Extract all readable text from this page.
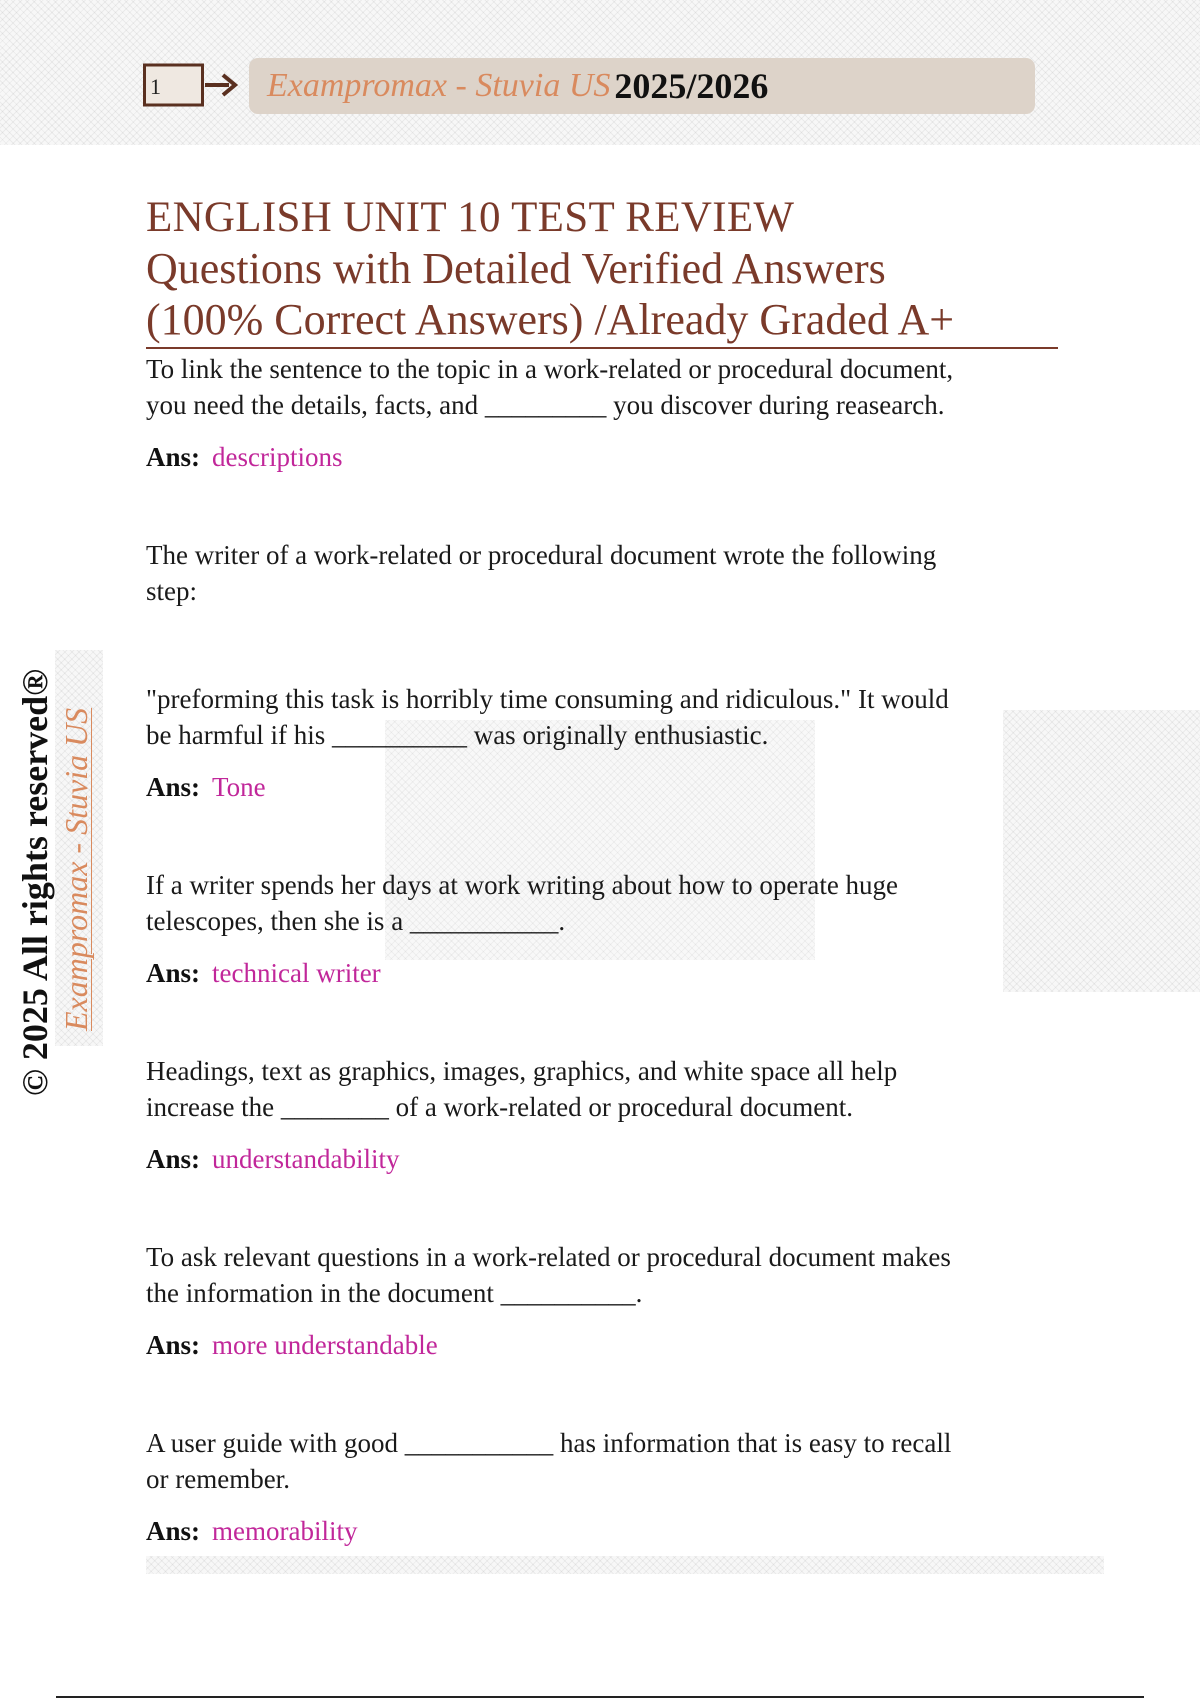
1	Exampromax - Stuvia US 2025/2026
© 2025 All rights reserved® Exampromax - Stuvia US
ENGLISH UNIT 10 TEST REVIEW
Questions with Detailed Verified Answers
(100% Correct Answers) /Already Graded A+

To link the sentence to the topic in a work-related or procedural document,
you need the details, facts, and _________ you discover during reasearch.

Ans: descriptions

The writer of a work-related or procedural document wrote the following
step:

"preforming this task is horribly time consuming and ridiculous." It would
be harmful if his __________ was originally enthusiastic.

Ans: Tone

If a writer spends her days at work writing about how to operate huge
telescopes, then she is a ___________.

Ans: technical writer

Headings, text as graphics, images, graphics, and white space all help
increase the ________ of a work-related or procedural document.

Ans: understandability

To ask relevant questions in a work-related or procedural document makes
the information in the document __________.

Ans: more understandable

A user guide with good ___________ has information that is easy to recall
or remember.

Ans: memorability
